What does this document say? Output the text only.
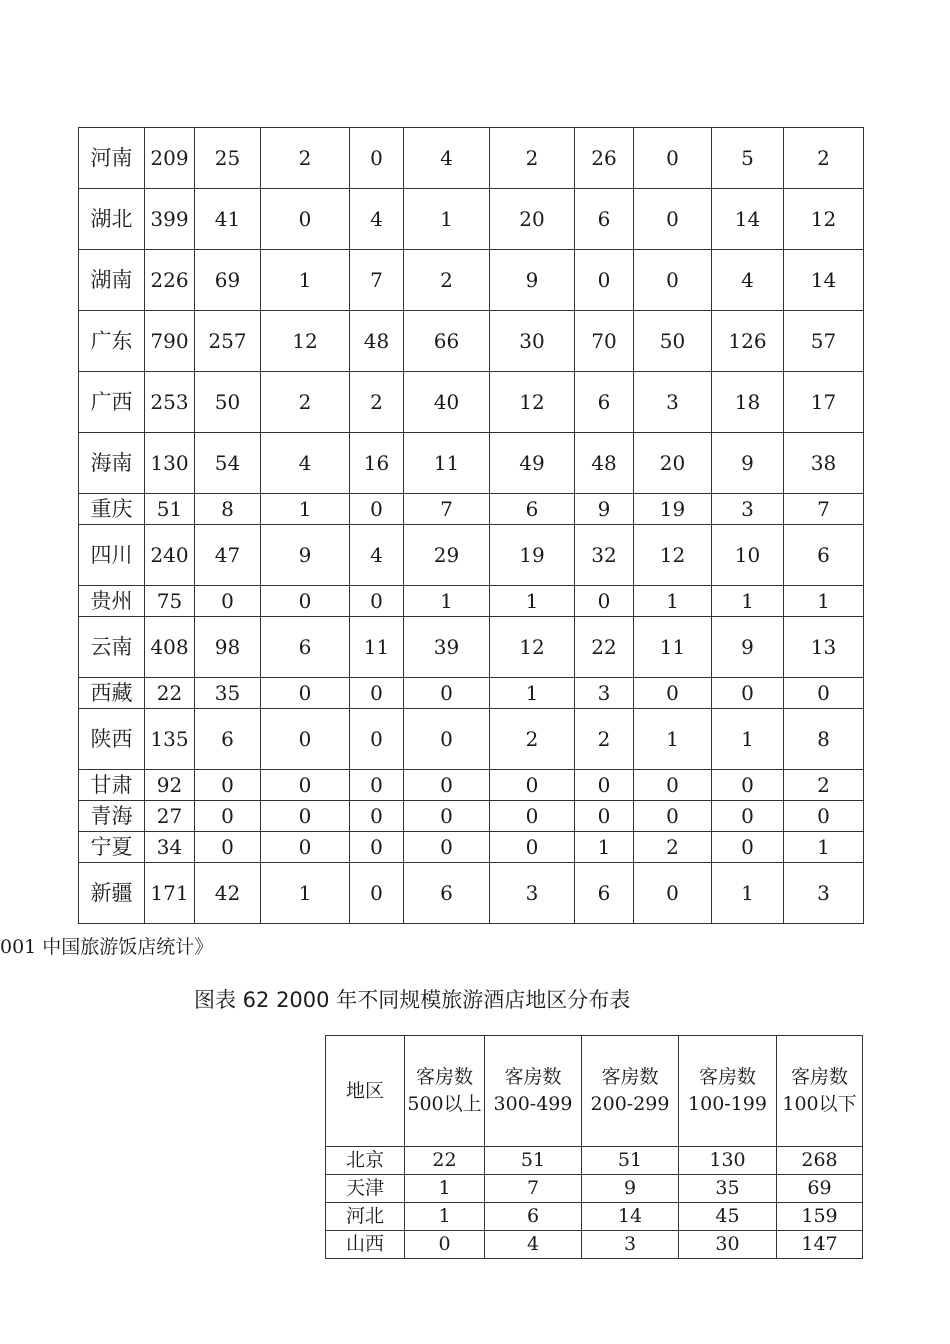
河南	209	25	2	0	4	2	26	0	5	2
湖北	399	41	0	4	1	20	6	0	14	12
湖南	226	69	1	7	2	9	0	0	4	14
广东	790	257	12	48	66	30	70	50	126	57
广西	253	50	2	2	40	12	6	3	18	17
海南	130	54	4	16	11	49	48	20	9	38
重庆	51	8	1	0	7	6	9	19	3	7
四川	240	47	9	4	29	19	32	12	10	6
贵州	75	0	0	0	1	1	0	1	1	1
云南	408	98	6	11	39	12	22	11	9	13
西藏	22	35	0	0	0	1	3	0	0	0
陕西	135	6	0	0	0	2	2	1	1	8
甘肃	92	0	0	0	0	0	0	0	0	2
青海	27	0	0	0	0	0	0	0	0	0
宁夏	34	0	0	0	0	0	1	2	0	1
新疆	171	42	1	0	6	3	6	0	1	3
001 中国旅游饭店统计》
图表 62 2000 年不同规模旅游酒店地区分布表
地区	客房数500以上	客房数300-499	客房数200-299	客房数100-199	客房数100以下
北京	22	51	51	130	268
天津	1	7	9	35	69
河北	1	6	14	45	159
山西	0	4	3	30	147
